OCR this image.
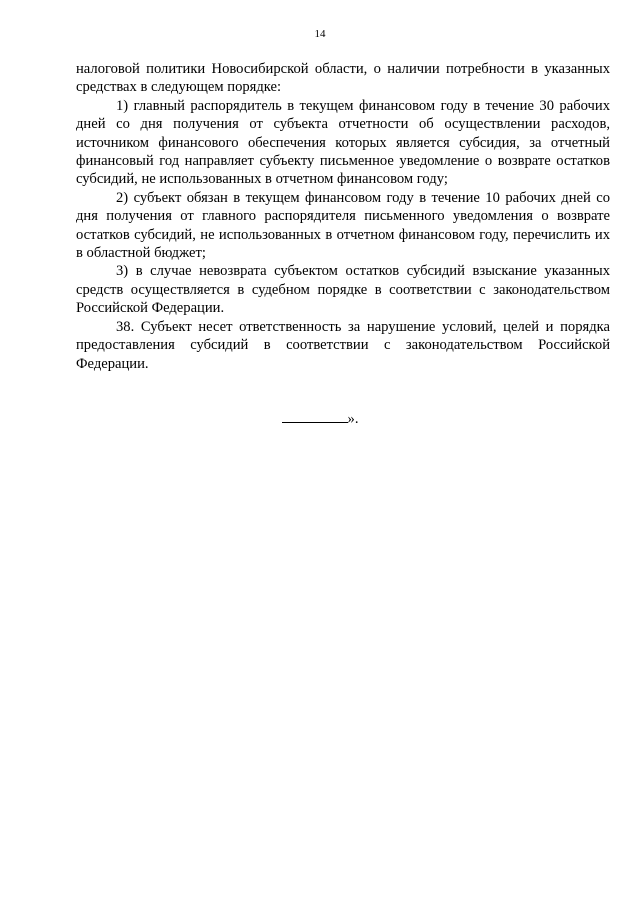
14

налоговой политики Новосибирской области, о наличии потребности в указанных средствах в следующем порядке:

1) главный распорядитель в текущем финансовом году в течение 30 рабочих дней со дня получения от субъекта отчетности об осуществлении расходов, источником финансового обеспечения которых является субсидия, за отчетный финансовый год направляет субъекту письменное уведомление о возврате остатков субсидий, не использованных в отчетном финансовом году;

2) субъект обязан в текущем финансовом году в течение 10 рабочих дней со дня получения от главного распорядителя письменного уведомления о возврате остатков субсидий, не использованных в отчетном финансовом году, перечислить их в областной бюджет;

3) в случае невозврата субъектом остатков субсидий взыскание указанных средств осуществляется в судебном порядке в соответствии с законодательством Российской Федерации.

38. Субъект несет ответственность за нарушение условий, целей и порядка предоставления субсидий в соответствии с законодательством Российской Федерации.

».
